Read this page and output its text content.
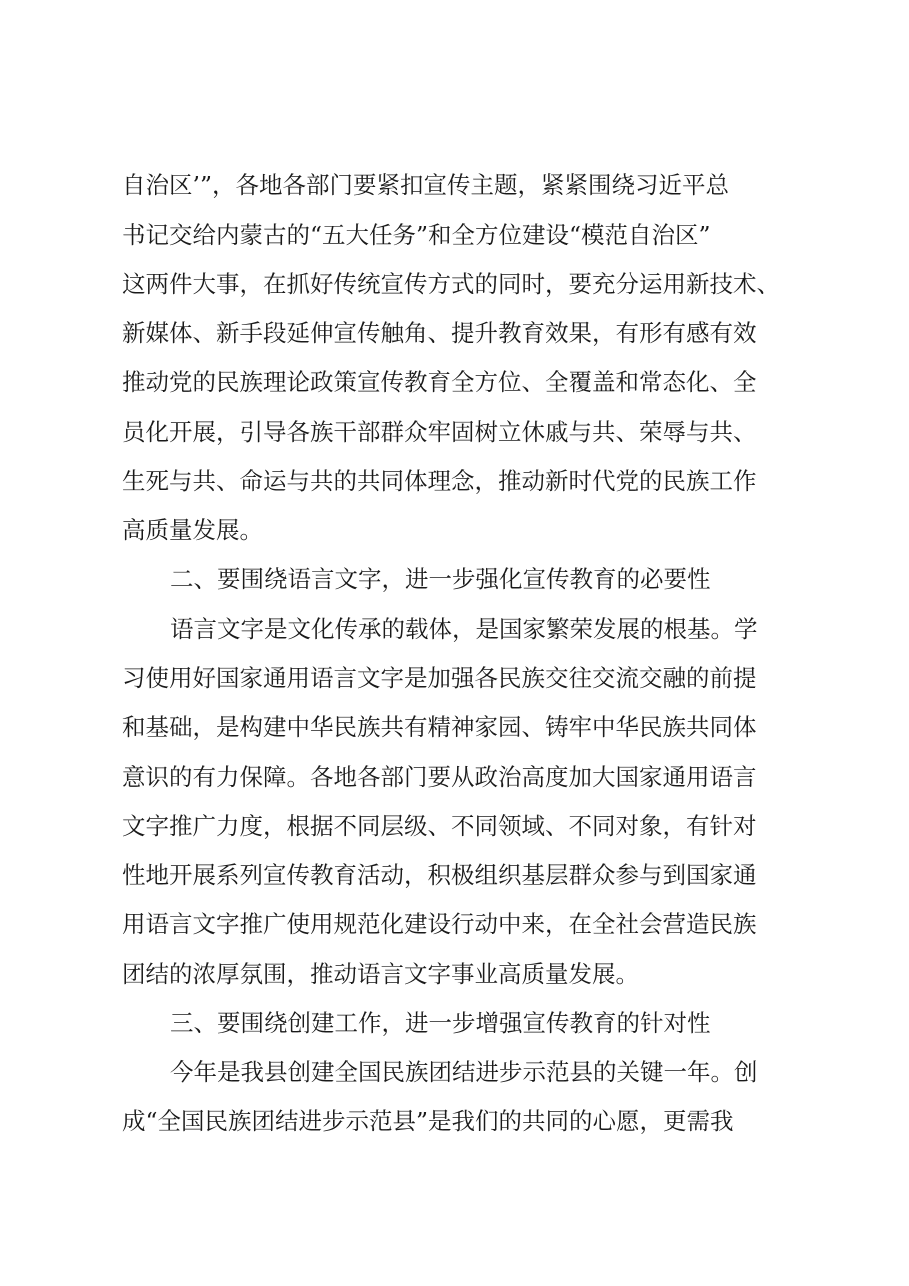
自治区’”，各地各部门要紧扣宣传主题，紧紧围绕习近平总

书记交给内蒙古的“五大任务”和全方位建设“模范自治区”

这两件大事，在抓好传统宣传方式的同时，要充分运用新技术、

新媒体、新手段延伸宣传触角、提升教育效果，有形有感有效

推动党的民族理论政策宣传教育全方位、全覆盖和常态化、全

员化开展，引导各族干部群众牢固树立休戚与共、荣辱与共、

生死与共、命运与共的共同体理念，推动新时代党的民族工作

高质量发展。

二、要围绕语言文字，进一步强化宣传教育的必要性

语言文字是文化传承的载体，是国家繁荣发展的根基。学

习使用好国家通用语言文字是加强各民族交往交流交融的前提

和基础，是构建中华民族共有精神家园、铸牢中华民族共同体

意识的有力保障。各地各部门要从政治高度加大国家通用语言

文字推广力度，根据不同层级、不同领域、不同对象，有针对

性地开展系列宣传教育活动，积极组织基层群众参与到国家通

用语言文字推广使用规范化建设行动中来，在全社会营造民族

团结的浓厚氛围，推动语言文字事业高质量发展。

三、要围绕创建工作，进一步增强宣传教育的针对性

今年是我县创建全国民族团结进步示范县的关键一年。创

成“全国民族团结进步示范县”是我们的共同的心愿，更需我
